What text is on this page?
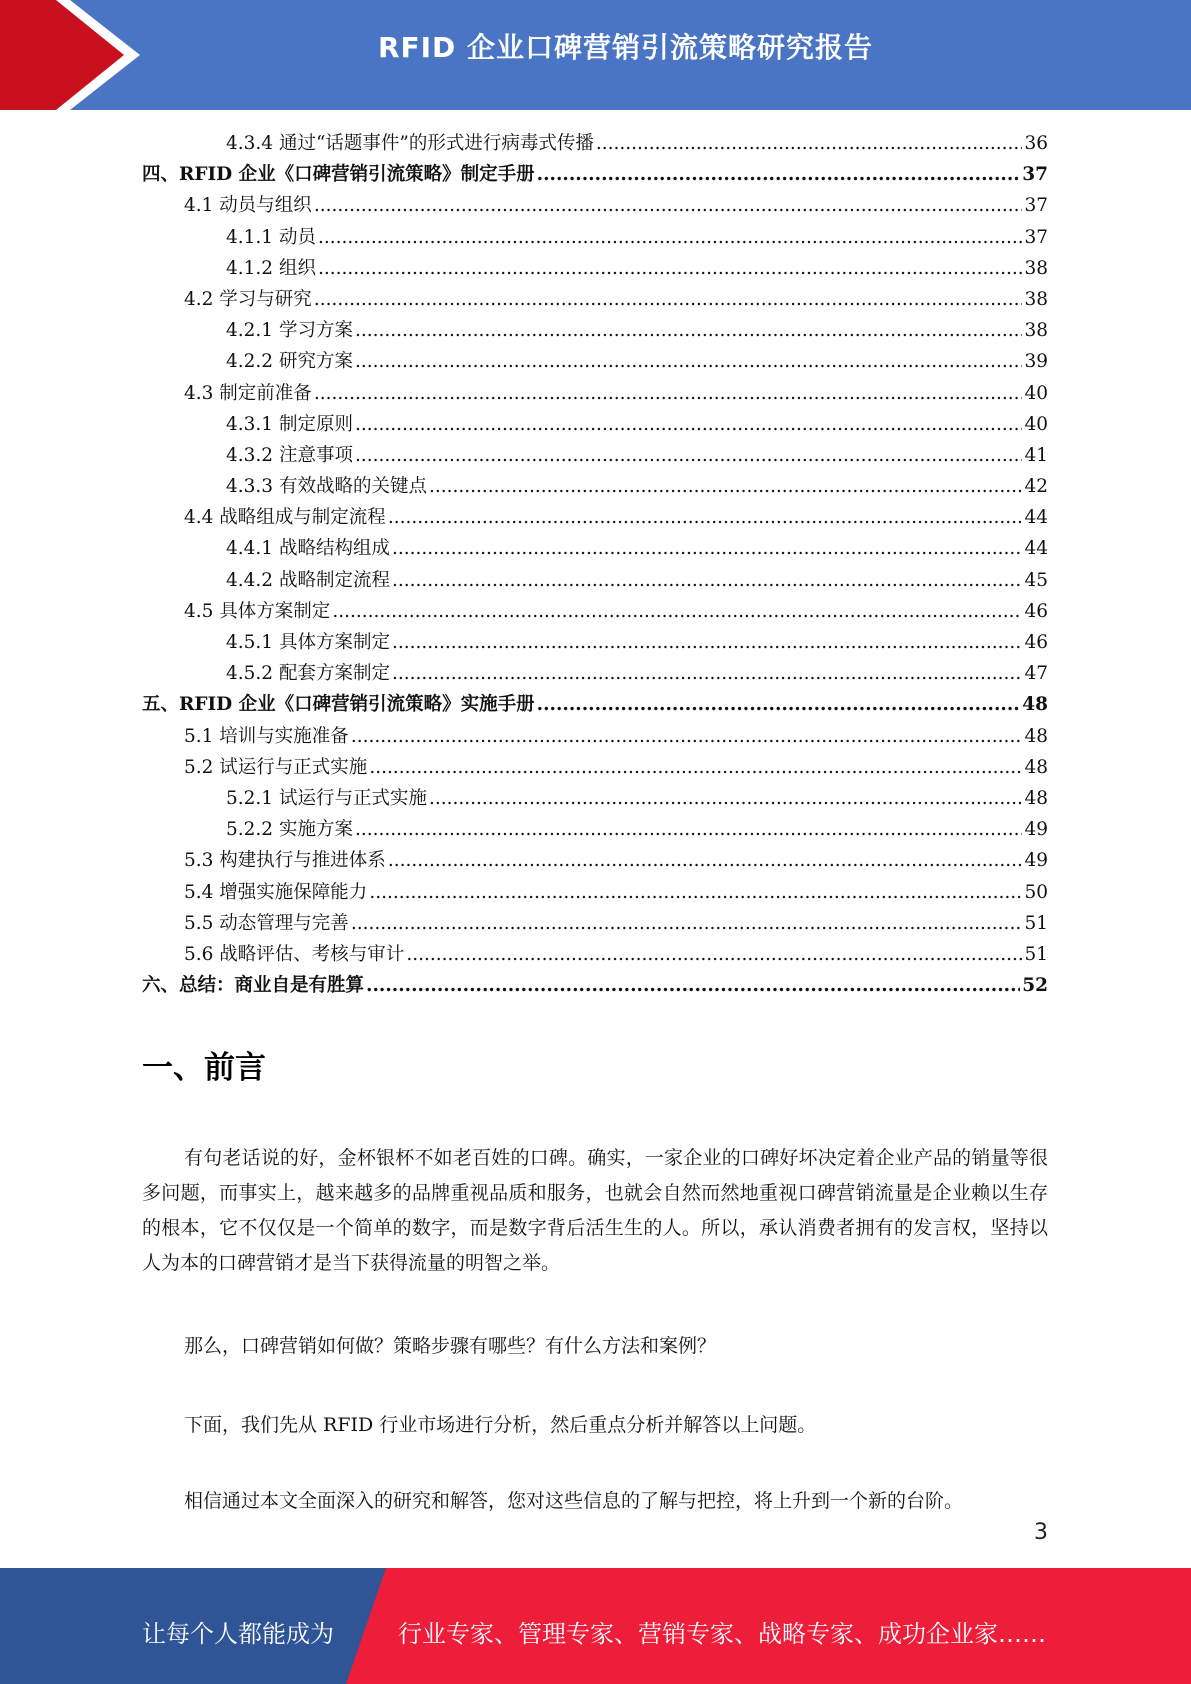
RFID 企业口碑营销引流策略研究报告
4.3.4 通过“话题事件”的形式进行病毒式传播 .....	36
四、RFID 企业《口碑营销引流策略》制定手册 .....	37
4.1 动员与组织 .....	37
4.1.1 动员 .....	37
4.1.2 组织 .....	38
4.2 学习与研究 .....	38
4.2.1 学习方案 .....	38
4.2.2 研究方案 .....	39
4.3 制定前准备 .....	40
4.3.1 制定原则 .....	40
4.3.2 注意事项 .....	41
4.3.3 有效战略的关键点 .....	42
4.4 战略组成与制定流程 .....	44
4.4.1 战略结构组成 .....	44
4.4.2 战略制定流程 .....	45
4.5 具体方案制定 .....	46
4.5.1 具体方案制定 .....	46
4.5.2 配套方案制定 .....	47
五、RFID 企业《口碑营销引流策略》实施手册 .....	48
5.1 培训与实施准备 .....	48
5.2 试运行与正式实施 .....	48
5.2.1 试运行与正式实施 .....	48
5.2.2 实施方案 .....	49
5.3 构建执行与推进体系 .....	49
5.4 增强实施保障能力 .....	50
5.5 动态管理与完善 .....	51
5.6 战略评估、考核与审计 .....	51
六、总结：商业自是有胜算 .....	52
一、前言

有句老话说的好，金杯银杯不如老百姓的口碑。确实，一家企业的口碑好坏决定着企业产品的销量等很多问题，而事实上，越来越多的品牌重视品质和服务，也就会自然而然地重视口碑营销流量是企业赖以生存的根本，它不仅仅是一个简单的数字，而是数字背后活生生的人。所以，承认消费者拥有的发言权，坚持以人为本的口碑营销才是当下获得流量的明智之举。

那么，口碑营销如何做？策略步骤有哪些？有什么方法和案例？

下面，我们先从 RFID 行业市场进行分析，然后重点分析并解答以上问题。

相信通过本文全面深入的研究和解答，您对这些信息的了解与把控，将上升到一个新的台阶。

3
让每个人都能成为	行业专家、管理专家、营销专家、战略专家、成功企业家……
